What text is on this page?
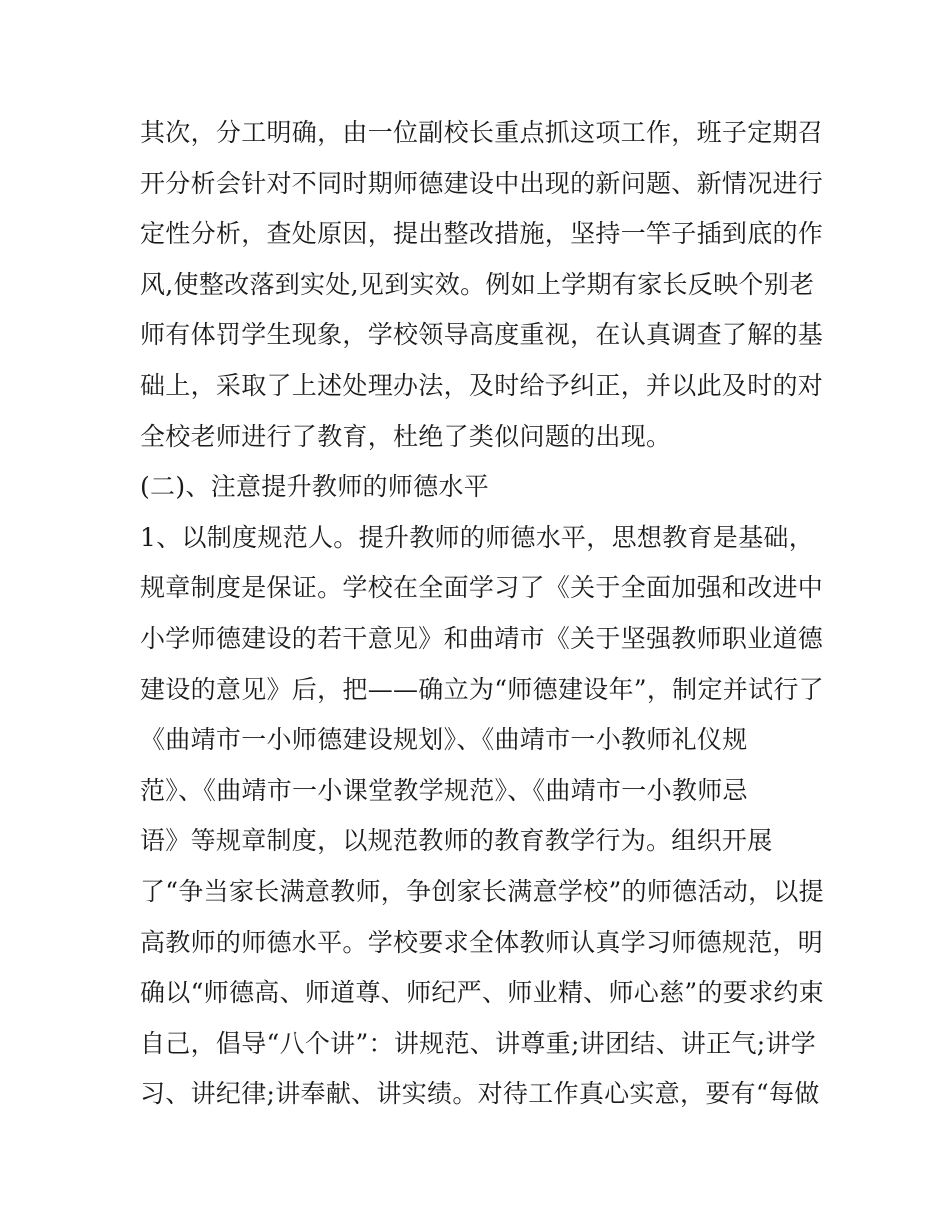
其次，分工明确，由一位副校长重点抓这项工作，班子定期召
开分析会针对不同时期师德建设中出现的新问题、新情况进行
定性分析，查处原因，提出整改措施，坚持一竿子插到底的作
风,使整改落到实处,见到实效。例如上学期有家长反映个别老
师有体罚学生现象，学校领导高度重视，在认真调查了解的基
础上，采取了上述处理办法，及时给予纠正，并以此及时的对
全校老师进行了教育，杜绝了类似问题的出现。
(二)、注意提升教师的师德水平
1、以制度规范人。提升教师的师德水平，思想教育是基础，
规章制度是保证。学校在全面学习了《关于全面加强和改进中
小学师德建设的若干意见》和曲靖市《关于坚强教师职业道德
建设的意见》后，把——确立为“师德建设年”，制定并试行了
《曲靖市一小师德建设规划》、《曲靖市一小教师礼仪规
范》、《曲靖市一小课堂教学规范》、《曲靖市一小教师忌
语》等规章制度，以规范教师的教育教学行为。组织开展
了“争当家长满意教师，争创家长满意学校”的师德活动，以提
高教师的师德水平。学校要求全体教师认真学习师德规范，明
确以“师德高、师道尊、师纪严、师业精、师心慈”的要求约束
自己，倡导“八个讲”：讲规范、讲尊重;讲团结、讲正气;讲学
习、讲纪律;讲奉献、讲实绩。对待工作真心实意，要有“每做
